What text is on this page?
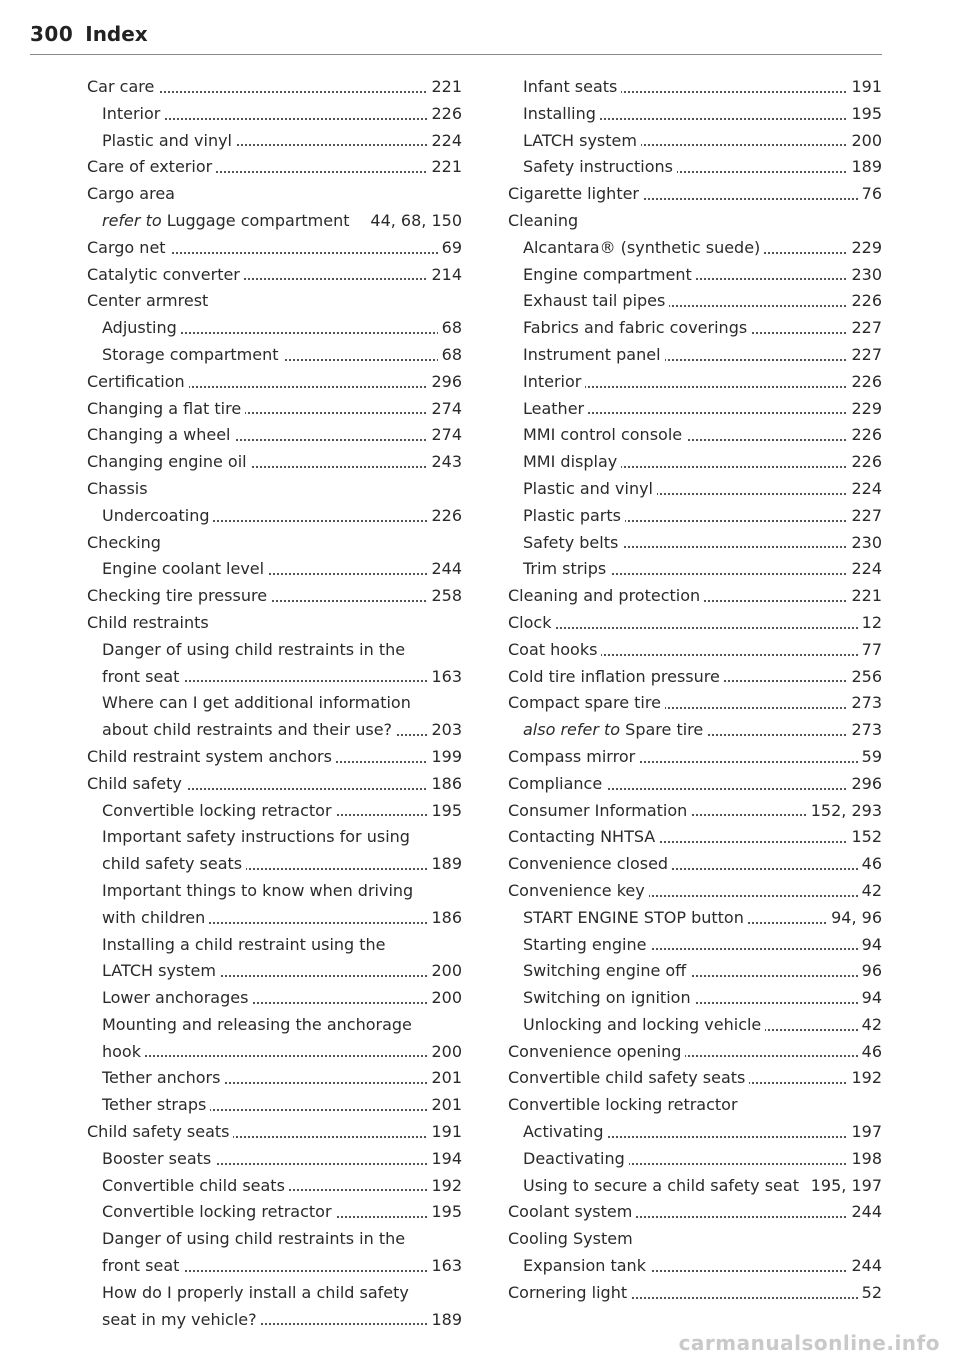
300 Index
Car care	221
Interior	226
Plastic and vinyl	224
Care of exterior	221
Cargo area
refer to Luggage compartment 44, 68, 150
Cargo net	69
Catalytic converter	214
Center armrest
Adjusting	68
Storage compartment	68
Certification	296
Changing a flat tire	274
Changing a wheel	274
Changing engine oil	243
Chassis
Undercoating	226
Checking
Engine coolant level	244
Checking tire pressure	258
Child restraints
Danger of using child restraints in the
front seat	163
Where can I get additional information
about child restraints and their use? 203
Child restraint system anchors	199
Child safety	186
Convertible locking retractor	195
Important safety instructions for using
child safety seats	189
Important things to know when driving
with children	186
Installing a child restraint using the
LATCH system	200
Lower anchorages	200
Mounting and releasing the anchorage
hook	200
Tether anchors	201
Tether straps	201
Child safety seats	191
Booster seats	194
Convertible child seats	192
Convertible locking retractor	195
Danger of using child restraints in the
front seat	163
How do I properly install a child safety
seat in my vehicle?	189
Infant seats	191
Installing	195
LATCH system	200
Safety instructions	189
Cigarette lighter	76
Cleaning
Alcantara® (synthetic suede)	229
Engine compartment	230
Exhaust tail pipes	226
Fabrics and fabric coverings	227
Instrument panel	227
Interior	226
Leather	229
MMI control console	226
MMI display	226
Plastic and vinyl	224
Plastic parts	227
Safety belts	230
Trim strips	224
Cleaning and protection	221
Clock	12
Coat hooks	77
Cold tire inflation pressure	256
Compact spare tire	273
also refer to Spare tire	273
Compass mirror	59
Compliance	296
Consumer Information	152, 293
Contacting NHTSA	152
Convenience closed	46
Convenience key	42
START ENGINE STOP button	94, 96
Starting engine	94
Switching engine off	96
Switching on ignition	94
Unlocking and locking vehicle	42
Convenience opening	46
Convertible child safety seats	192
Convertible locking retractor
Activating	197
Deactivating	198
Using to secure a child safety seat 195, 197
Coolant system	244
Cooling System
Expansion tank	244
Cornering light	52
carmanualsonline.info
